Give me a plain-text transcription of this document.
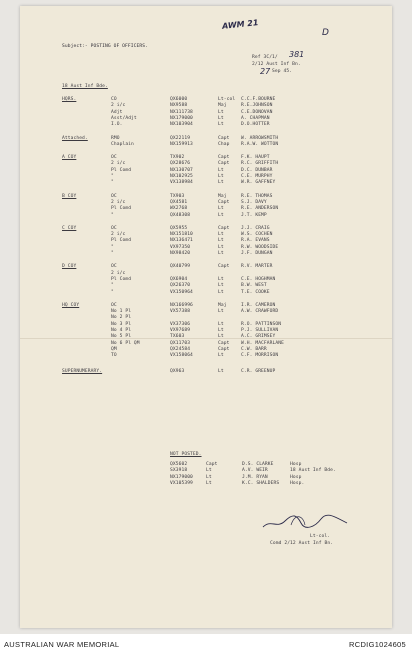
AWM 21
D
Subject:- POSTING OF OFFICERS.
Ref 3C/1/ 381
2/12 Aust Inf Bn.
27 Sep 45.
18 Aust Inf Bde.
HQRS.	CO	QX6000	Lt-col C.C.F.BOURNE
2 i/c	NX9588	Maj	R.E.JOHNSON
Adjt	NX111738	Lt	C.E.DONOVAN
Asst/Adjt	NX179000	Lt	A. CHAPMAN
I.O.	NX103904	Lt	D.O.HOTTER
Attached.	RMO	QX22119	Capt	W. ARROWSMITH
Chaplain	NX159913	Chap	R.A.W. WOTTON
A COY	OC	TX902	Capt	F.K. HAUPT
2 i/c	QX28676	Capt	R.C. GRIFFITH
Pl Comd	NX130707	Lt	D.C. DUNBAR
"	NX102925	Lt	C.E. MURPHY
"	VX138984	Lt	W.R. GAFFNEY
B COY	OC	TX903	Maj	R.E. THOMAS
2 i/c	QX4581	Capt	S.J. DAVY
Pl Comd	WX2768	Lt	R.E. ANDERSON
"	QX48308	Lt	J.T. KEMP
C COY	OC	QX5955	Capt	J.J. CRAIG
2 i/c	NX151810	Lt	W.S. COCHEN
Pl Comd	NX136471	Lt	R.A. EVANS
"	VX97350	Lt	R.W. WOODSIDE
"	NX98420	Lt	J.F. DUNGAN
D COY	OC	QX40799	Capt	R.V. MARTER
2 i/c
Pl Comd	QX6904	Lt	C.E. HOGHMAN
"	QX26370	Lt	B.W. WEST
"	VX150964	Lt	T.E. COOKE
HQ COY	OC	NX166996	Maj	I.R. CAMERON
No 1 Pl	VX57388	Lt	A.W. CRAWFORD
No 2 Pl
No 3 Pl	VX37306	Lt	R.O. PATTINSON
No 4 Pl	VX97689	Lt	P.J. SULLIVAN
No 5 Pl	TX603	Lt	A.C. GRIMSEY
No 6 Pl QM	QX11703	Capt	W.H. MACFARLANE
QM	QX24584	Capt	C.W. BARR
TO	VX158064	Lt	C.F. MORRISON
SUPERNUMERARY.	QX963	Lt	C.R. GREENUP
NOT POSTED.
QX5602	Capt	D.S. CLARKE	Hosp
SX3918	Lt	A.V. WEIR	18 Aust Inf Bde.
NX179000	Lt	J.M. RYAN	Hosp
VX105399	Lt	K.C. SHALDERS Hosp.
Lt-col.
Comd 2/12 Aust Inf Bn.
AUSTRALIAN WAR MEMORIAL	RCDIG1024605
